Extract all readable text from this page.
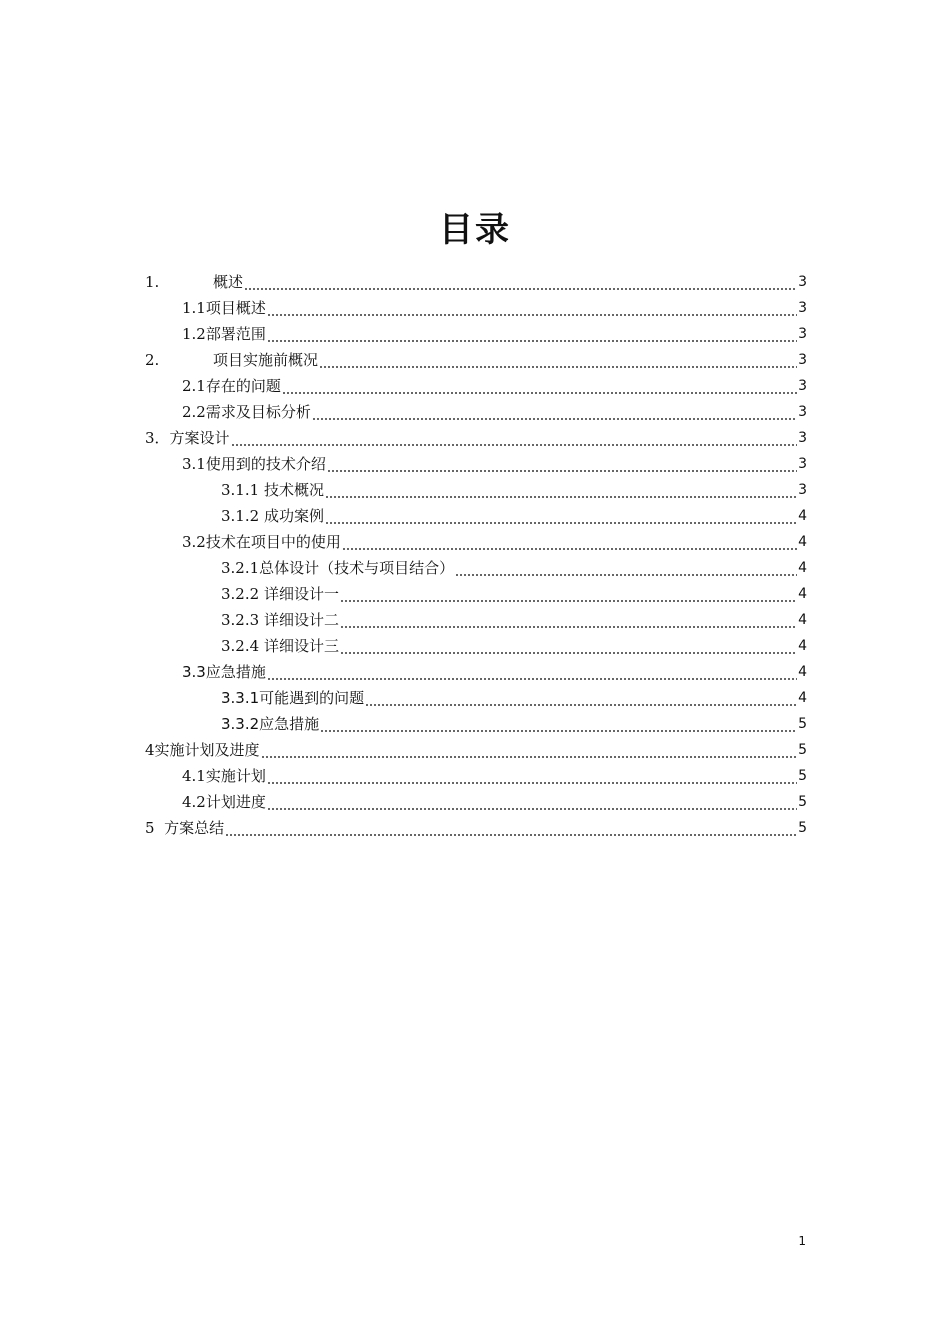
目录
1.	概述	3
1.1 项目概述	3
1.2 部署范围	3
2.	项目实施前概况	3
2.1 存在的问题	3
2.2 需求及目标分析	3
3． 方案设计	3
3.1 使用到的技术介绍	3
3.1.1 技术概况	3
3.1.2 成功案例	4
3.2 技术在项目中的使用	4
3.2.1 总体设计（技术与项目结合）	4
3.2.2 详细设计一	4
3.2.3 详细设计二	4
3.2.4 详细设计三	4
3.3 应急措施	4
3.3.1 可能遇到的问题	4
3.3.2 应急措施	5
4 实施计划及进度	5
4.1 实施计划	5
4.2 计划进度	5
5 方案总结	5
1
